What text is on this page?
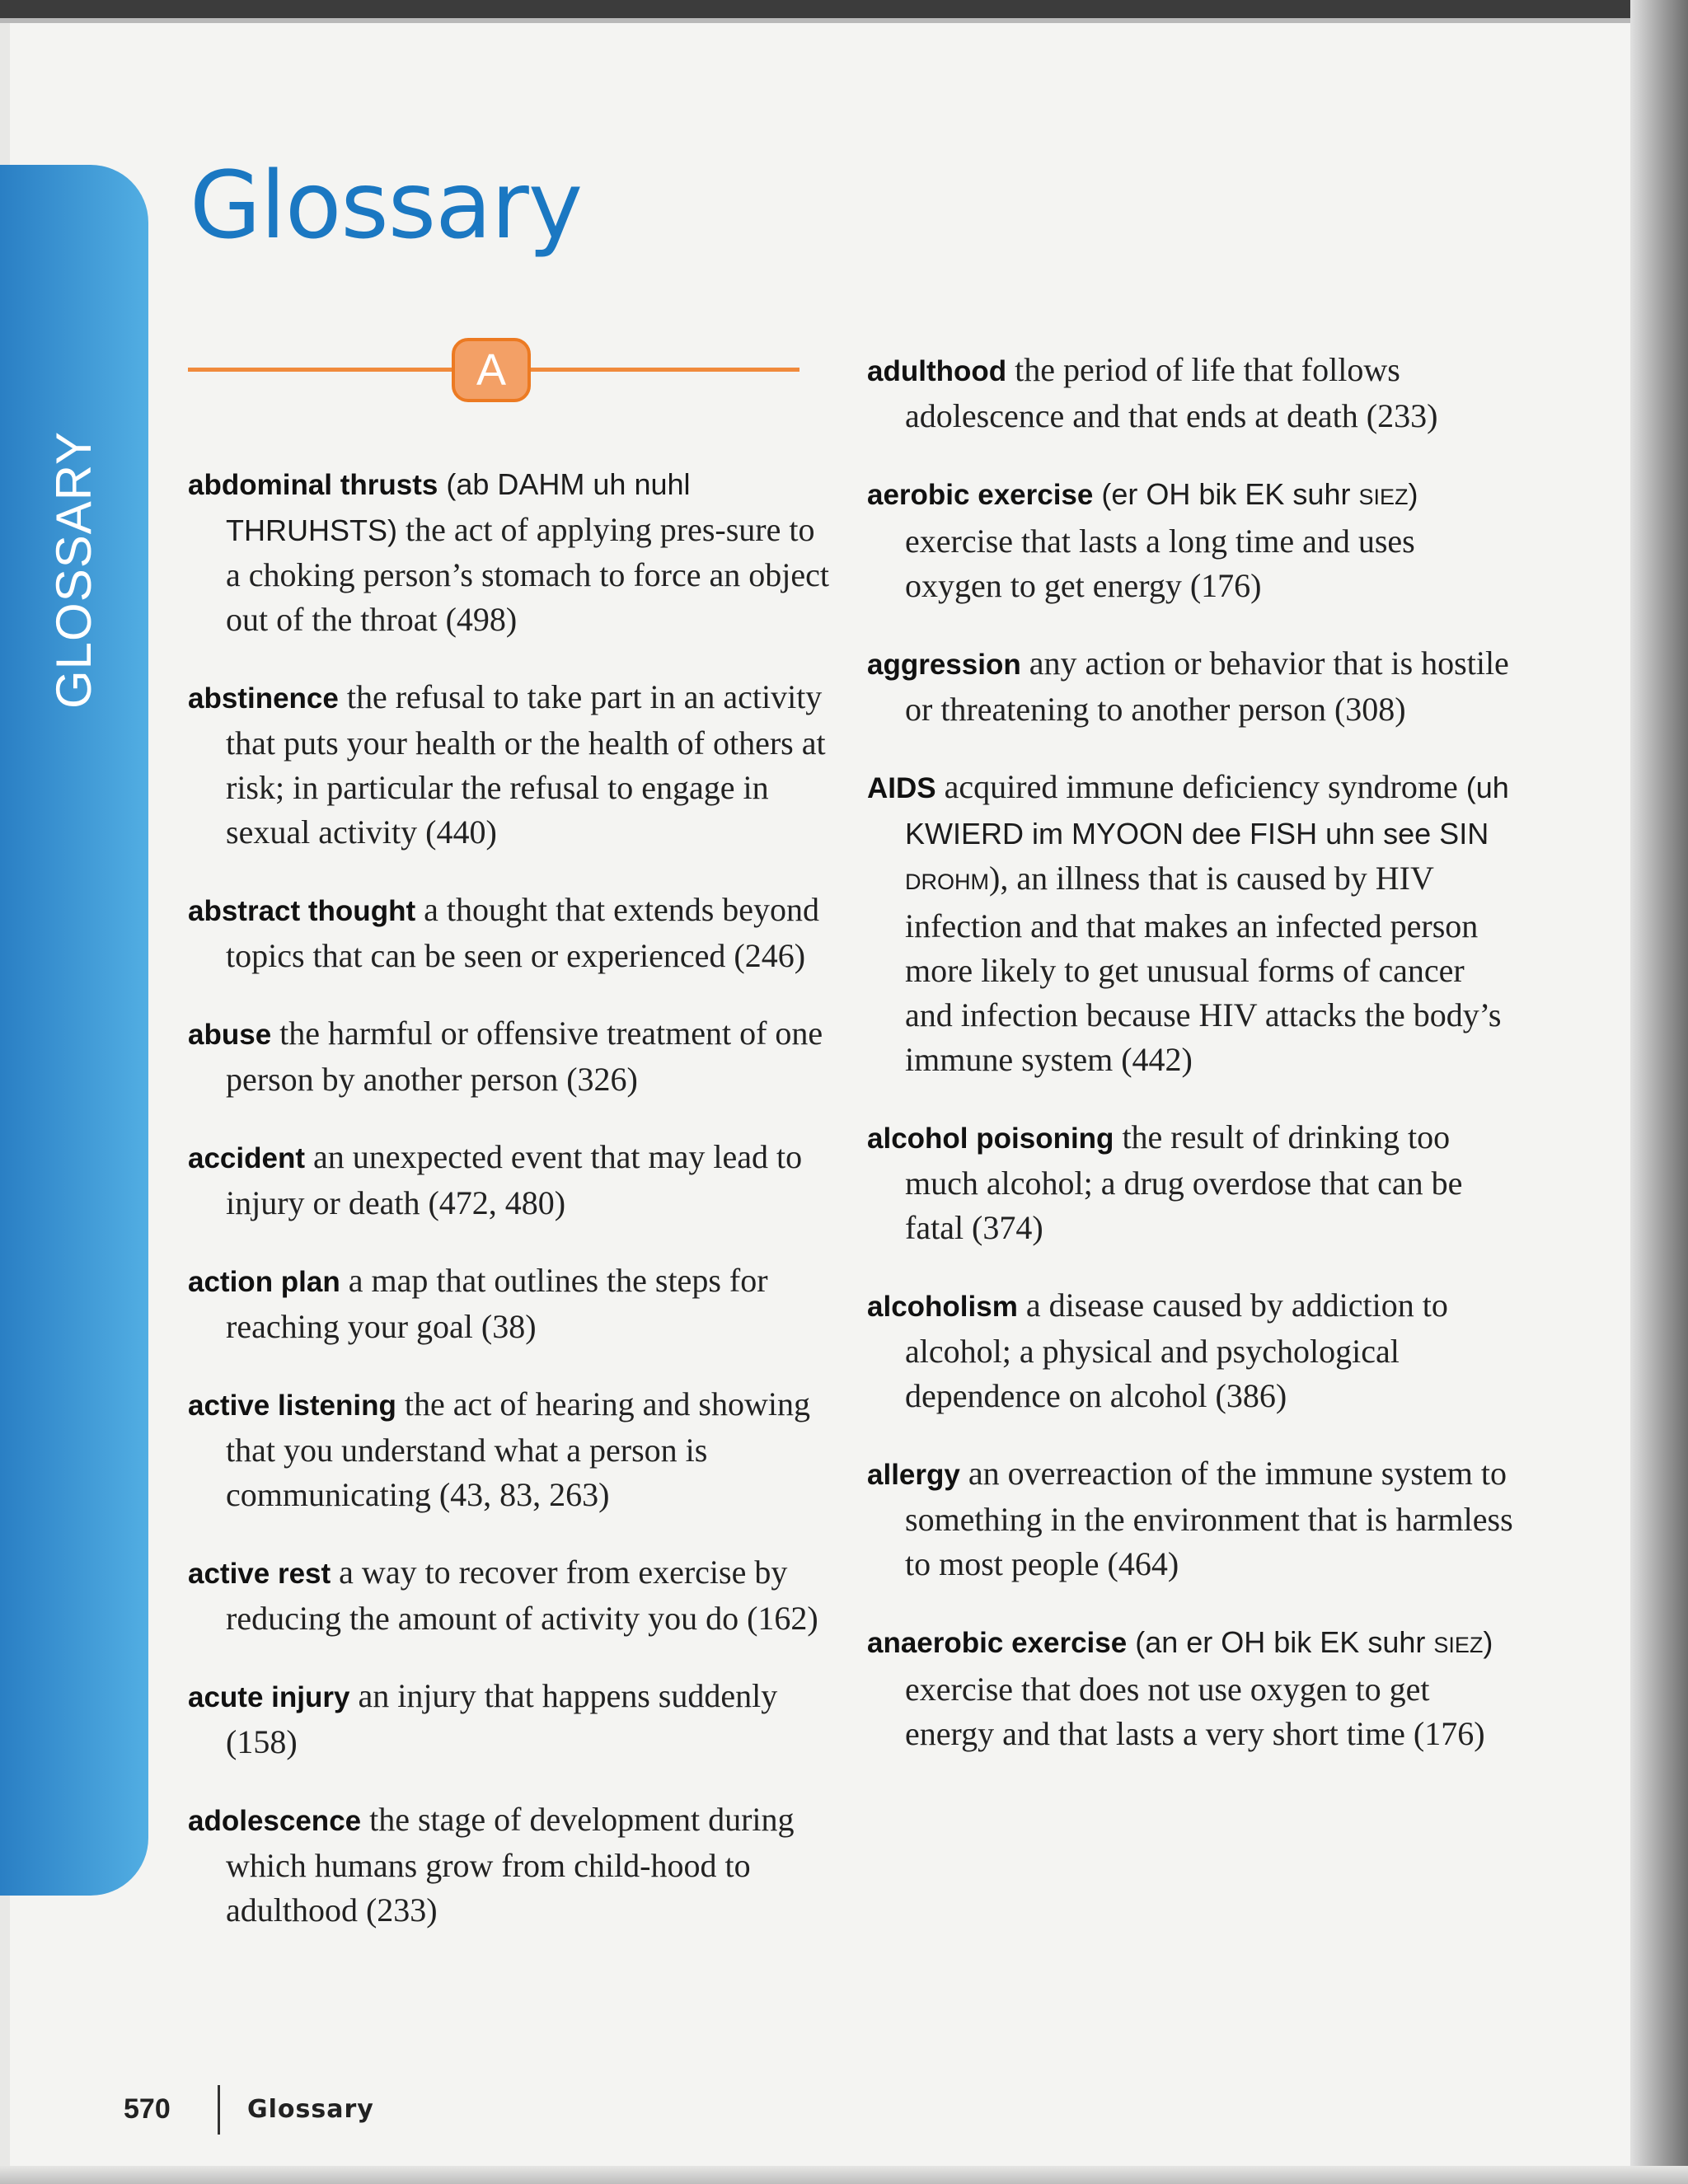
GLOSSARY
Glossary
A

abdominal thrusts (ab DAHM uh nuhl THRUHSTS) the act of applying pres-sure to a choking person’s stomach to force an object out of the throat (498)

abstinence the refusal to take part in an activity that puts your health or the health of others at risk; in particular the refusal to engage in sexual activity (440)

abstract thought a thought that extends beyond topics that can be seen or experienced (246)

abuse the harmful or offensive treatment of one person by another person (326)

accident an unexpected event that may lead to injury or death (472, 480)

action plan a map that outlines the steps for reaching your goal (38)

active listening the act of hearing and showing that you understand what a person is communicating (43, 83, 263)

active rest a way to recover from exercise by reducing the amount of activity you do (162)

acute injury an injury that happens suddenly (158)

adolescence the stage of development during which humans grow from child-hood to adulthood (233)

adulthood the period of life that follows adolescence and that ends at death (233)

aerobic exercise (er OH bik EK suhr SIEZ) exercise that lasts a long time and uses oxygen to get energy (176)

aggression any action or behavior that is hostile or threatening to another person (308)

AIDS acquired immune deficiency syndrome (uh KWIERD im MYOON dee FISH uhn see SIN DROHM), an illness that is caused by HIV infection and that makes an infected person more likely to get unusual forms of cancer and infection because HIV attacks the body’s immune system (442)

alcohol poisoning the result of drinking too much alcohol; a drug overdose that can be fatal (374)

alcoholism a disease caused by addiction to alcohol; a physical and psychological dependence on alcohol (386)

allergy an overreaction of the immune system to something in the environment that is harmless to most people (464)

anaerobic exercise (an er OH bik EK suhr SIEZ) exercise that does not use oxygen to get energy and that lasts a very short time (176)

570	Glossary
